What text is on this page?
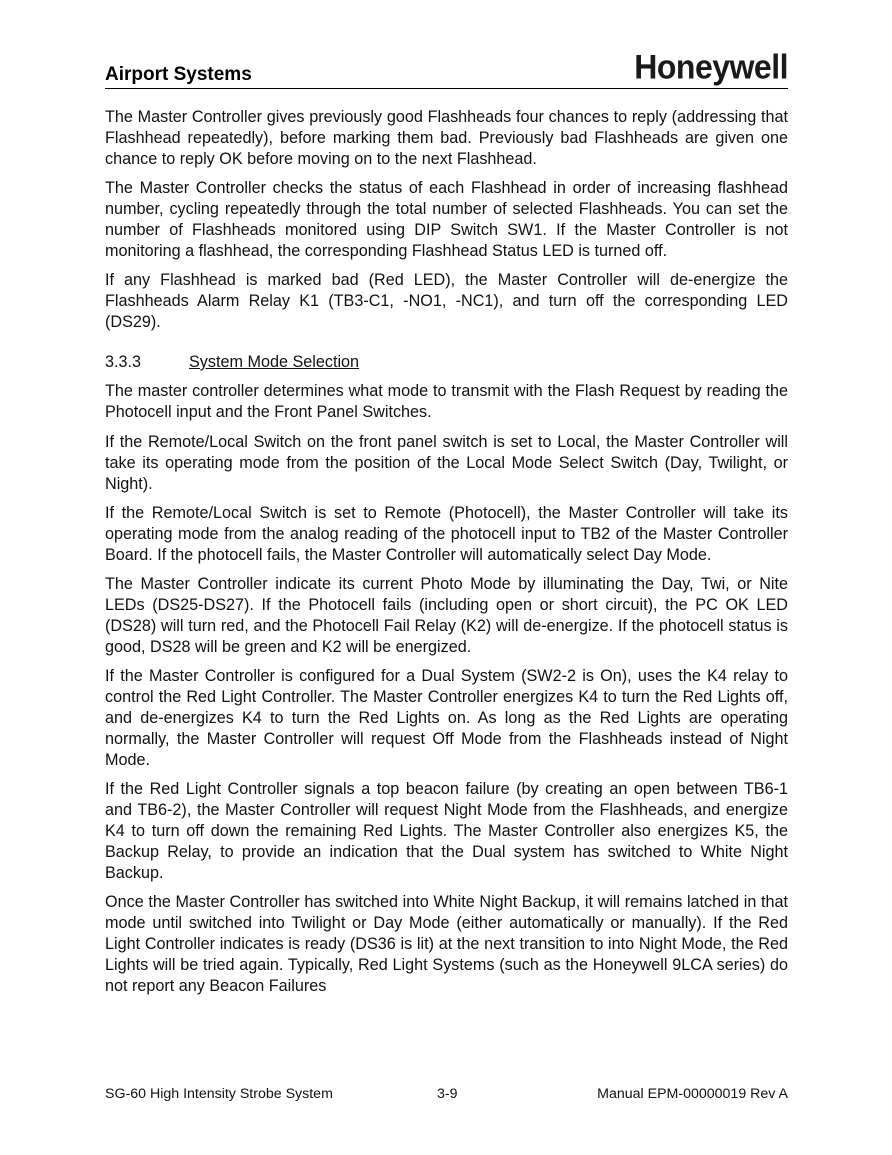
Airport Systems	Honeywell

The Master Controller gives previously good Flashheads four chances to reply (addressing that Flashhead repeatedly), before marking them bad. Previously bad Flashheads are given one chance to reply OK before moving on to the next Flashhead.

The Master Controller checks the status of each Flashhead in order of increasing flashhead number, cycling repeatedly through the total number of selected Flashheads. You can set the number of Flashheads monitored using DIP Switch SW1. If the Master Controller is not monitoring a flashhead, the corresponding Flashhead Status LED is turned off.

If any Flashhead is marked bad (Red LED), the Master Controller will de-energize the Flashheads Alarm Relay K1 (TB3-C1, -NO1, -NC1), and turn off the corresponding LED (DS29).

3.3.3	System Mode Selection

The master controller determines what mode to transmit with the Flash Request by reading the Photocell input and the Front Panel Switches.

If the Remote/Local Switch on the front panel switch is set to Local, the Master Controller will take its operating mode from the position of the Local Mode Select Switch (Day, Twilight, or Night).

If the Remote/Local Switch is set to Remote (Photocell), the Master Controller will take its operating mode from the analog reading of the photocell input to TB2 of the Master Controller Board. If the photocell fails, the Master Controller will automatically select Day Mode.

The Master Controller indicate its current Photo Mode by illuminating the Day, Twi, or Nite LEDs (DS25-DS27). If the Photocell fails (including open or short circuit), the PC OK LED (DS28) will turn red, and the Photocell Fail Relay (K2) will de-energize. If the photocell status is good, DS28 will be green and K2 will be energized.

If the Master Controller is configured for a Dual System (SW2-2 is On), uses the K4 relay to control the Red Light Controller. The Master Controller energizes K4 to turn the Red Lights off, and de-energizes K4 to turn the Red Lights on. As long as the Red Lights are operating normally, the Master Controller will request Off Mode from the Flashheads instead of Night Mode.

If the Red Light Controller signals a top beacon failure (by creating an open between TB6-1 and TB6-2), the Master Controller will request Night Mode from the Flashheads, and energize K4 to turn off down the remaining Red Lights. The Master Controller also energizes K5, the Backup Relay, to provide an indication that the Dual system has switched to White Night Backup.

Once the Master Controller has switched into White Night Backup, it will remains latched in that mode until switched into Twilight or Day Mode (either automatically or manually). If the Red Light Controller indicates is ready (DS36 is lit) at the next transition to into Night Mode, the Red Lights will be tried again. Typically, Red Light Systems (such as the Honeywell 9LCA series) do not report any Beacon Failures

SG-60 High Intensity Strobe System	3-9	Manual EPM-00000019 Rev A
